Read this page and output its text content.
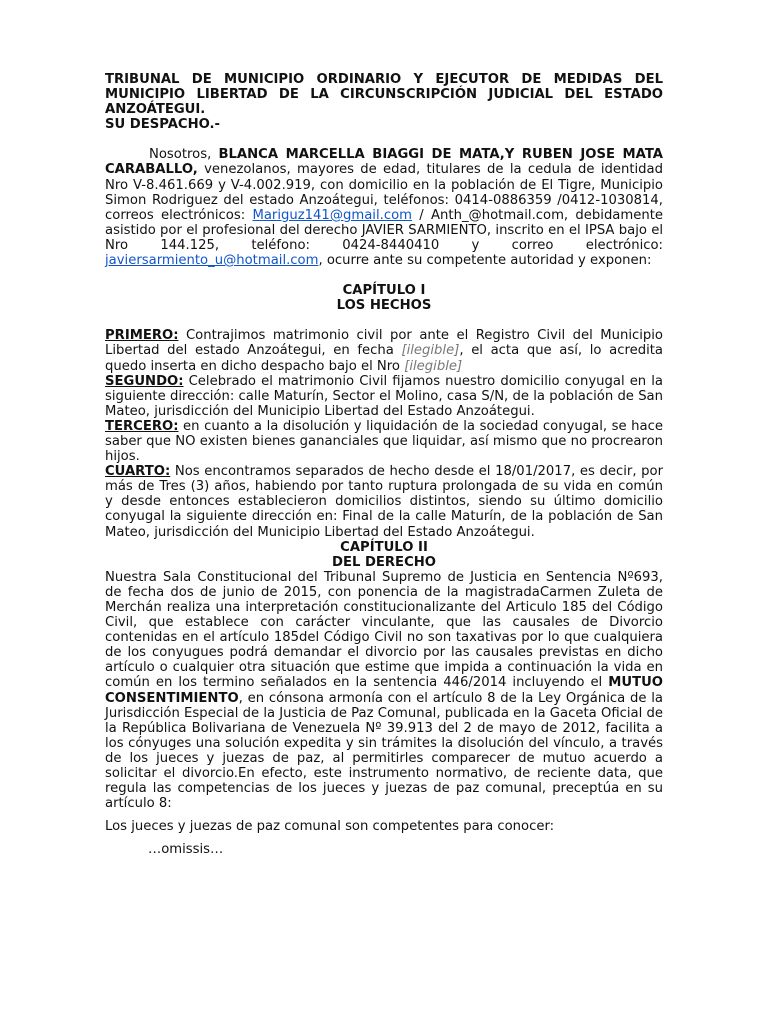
TRIBUNAL DE MUNICIPIO ORDINARIO Y EJECUTOR DE MEDIDAS DEL MUNICIPIO LIBERTAD DE LA CIRCUNSCRIPCIÓN JUDICIAL DEL ESTADO ANZOÁTEGUI.
SU DESPACHO.-

Nosotros, BLANCA MARCELLA BIAGGI DE MATA,Y RUBEN JOSE MATA CARABALLO, venezolanos, mayores de edad, titulares de la cedula de identidad Nro V-8.461.669 y V-4.002.919, con domicilio en la población de El Tigre, Municipio Simon Rodriguez del estado Anzoátegui, teléfonos: 0414-0886359 /0412-1030814, correos electrónicos: Mariguz141@gmail.com / Anth_@hotmail.com, debidamente asistido por el profesional del derecho JAVIER SARMIENTO, inscrito en el IPSA bajo el Nro 144.125, teléfono: 0424-8440410 y correo electrónico: javiersarmiento_u@hotmail.com, ocurre ante su competente autoridad y exponen:

CAPÍTULO I
LOS HECHOS

PRIMERO: Contrajimos matrimonio civil por ante el Registro Civil del Municipio Libertad del estado Anzoátegui, en fecha [ilegible], el acta que así, lo acredita quedo inserta en dicho despacho bajo el Nro [ilegible]

SEGUNDO: Celebrado el matrimonio Civil fijamos nuestro domicilio conyugal en la siguiente dirección: calle Maturín, Sector el Molino, casa S/N, de la población de San Mateo, jurisdicción del Municipio Libertad del Estado Anzoátegui.

TERCERO: en cuanto a la disolución y liquidación de la sociedad conyugal, se hace saber que NO existen bienes gananciales que liquidar, así mismo que no procrearon hijos.

CUARTO: Nos encontramos separados de hecho desde el 18/01/2017, es decir, por más de Tres (3) años, habiendo por tanto ruptura prolongada de su vida en común y desde entonces establecieron domicilios distintos, siendo su último domicilio conyugal la siguiente dirección en: Final de la calle Maturín, de la población de San Mateo, jurisdicción del Municipio Libertad del Estado Anzoátegui.

CAPÍTULO II
DEL DERECHO

Nuestra Sala Constitucional del Tribunal Supremo de Justicia en Sentencia Nº693, de fecha dos de junio de 2015, con ponencia de la magistradaCarmen Zuleta de Merchán realiza una interpretación constitucionalizante del Articulo 185 del Código Civil, que establece con carácter vinculante, que las causales de Divorcio contenidas en el artículo 185del Código Civil no son taxativas por lo que cualquiera de los conyugues podrá demandar el divorcio por las causales previstas en dicho artículo o cualquier otra situación que estime que impida a continuación la vida en común en los termino señalados en la sentencia 446/2014 incluyendo el MUTUO CONSENTIMIENTO, en cónsona armonía con el artículo 8 de la Ley Orgánica de la Jurisdicción Especial de la Justicia de Paz Comunal, publicada en la Gaceta Oficial de la República Bolivariana de Venezuela Nº 39.913 del 2 de mayo de 2012, facilita a los cónyuges una solución expedita y sin trámites la disolución del vínculo, a través de los jueces y juezas de paz, al permitirles comparecer de mutuo acuerdo a solicitar el divorcio.En efecto, este instrumento normativo, de reciente data, que regula las competencias de los jueces y juezas de paz comunal, preceptúa en su artículo 8:

Los jueces y juezas de paz comunal son competentes para conocer:

…omissis…
